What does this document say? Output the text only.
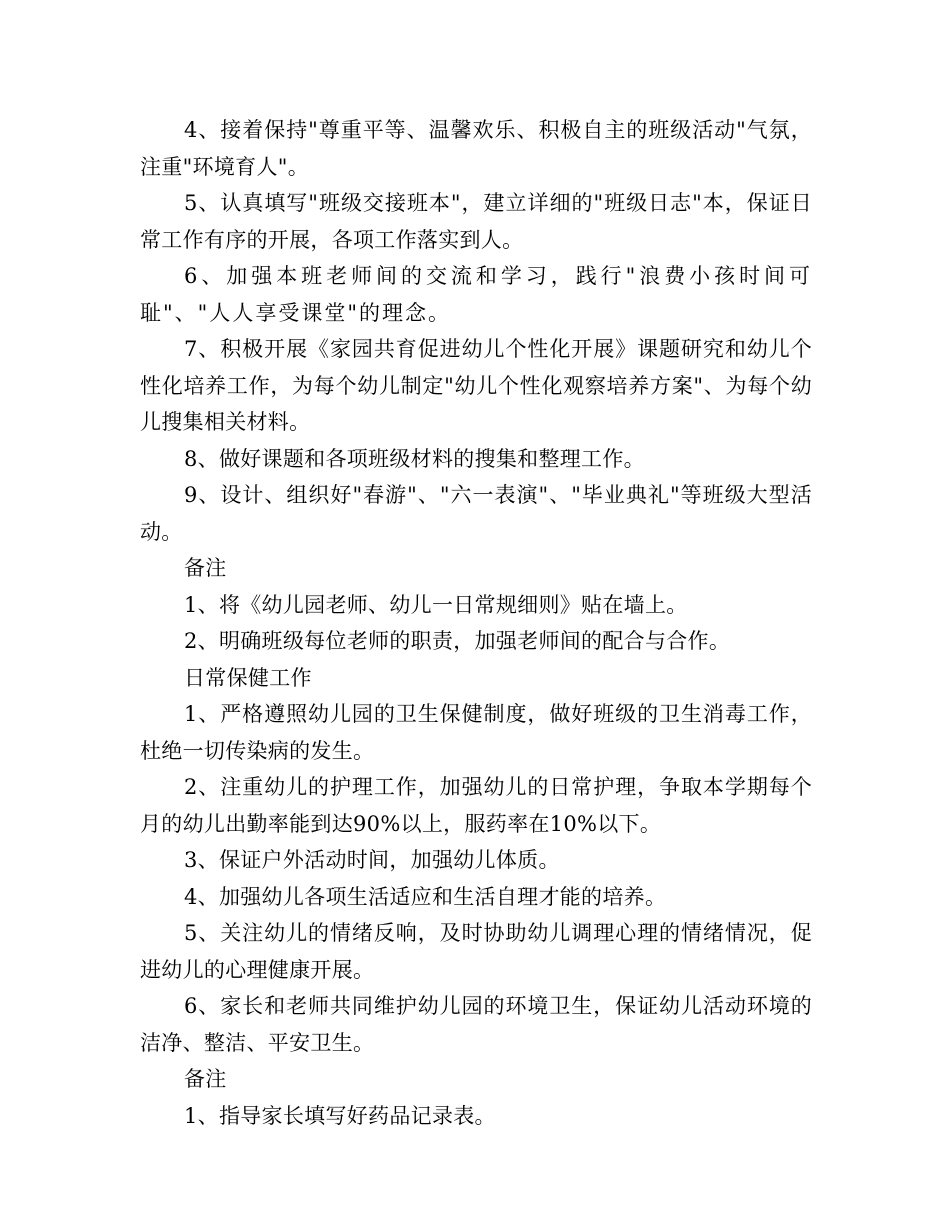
4、接着保持"尊重平等、温馨欢乐、积极自主的班级活动"气氛，注重"环境育人"。

5、认真填写"班级交接班本"，建立详细的"班级日志"本，保证日常工作有序的开展，各项工作落实到人。

6、加强本班老师间的交流和学习，践行"浪费小孩时间可耻"、"人人享受课堂"的理念。

7、积极开展《家园共育促进幼儿个性化开展》课题研究和幼儿个性化培养工作，为每个幼儿制定"幼儿个性化观察培养方案"、为每个幼儿搜集相关材料。

8、做好课题和各项班级材料的搜集和整理工作。

9、设计、组织好"春游"、"六一表演"、"毕业典礼"等班级大型活动。

备注

1、将《幼儿园老师、幼儿一日常规细则》贴在墙上。

2、明确班级每位老师的职责，加强老师间的配合与合作。

日常保健工作

1、严格遵照幼儿园的卫生保健制度，做好班级的卫生消毒工作，杜绝一切传染病的发生。

2、注重幼儿的护理工作，加强幼儿的日常护理，争取本学期每个月的幼儿出勤率能到达90%以上，服药率在10%以下。

3、保证户外活动时间，加强幼儿体质。

4、加强幼儿各项生活适应和生活自理才能的培养。

5、关注幼儿的情绪反响，及时协助幼儿调理心理的情绪情况，促进幼儿的心理健康开展。

6、家长和老师共同维护幼儿园的环境卫生，保证幼儿活动环境的洁净、整洁、平安卫生。

备注

1、指导家长填写好药品记录表。
